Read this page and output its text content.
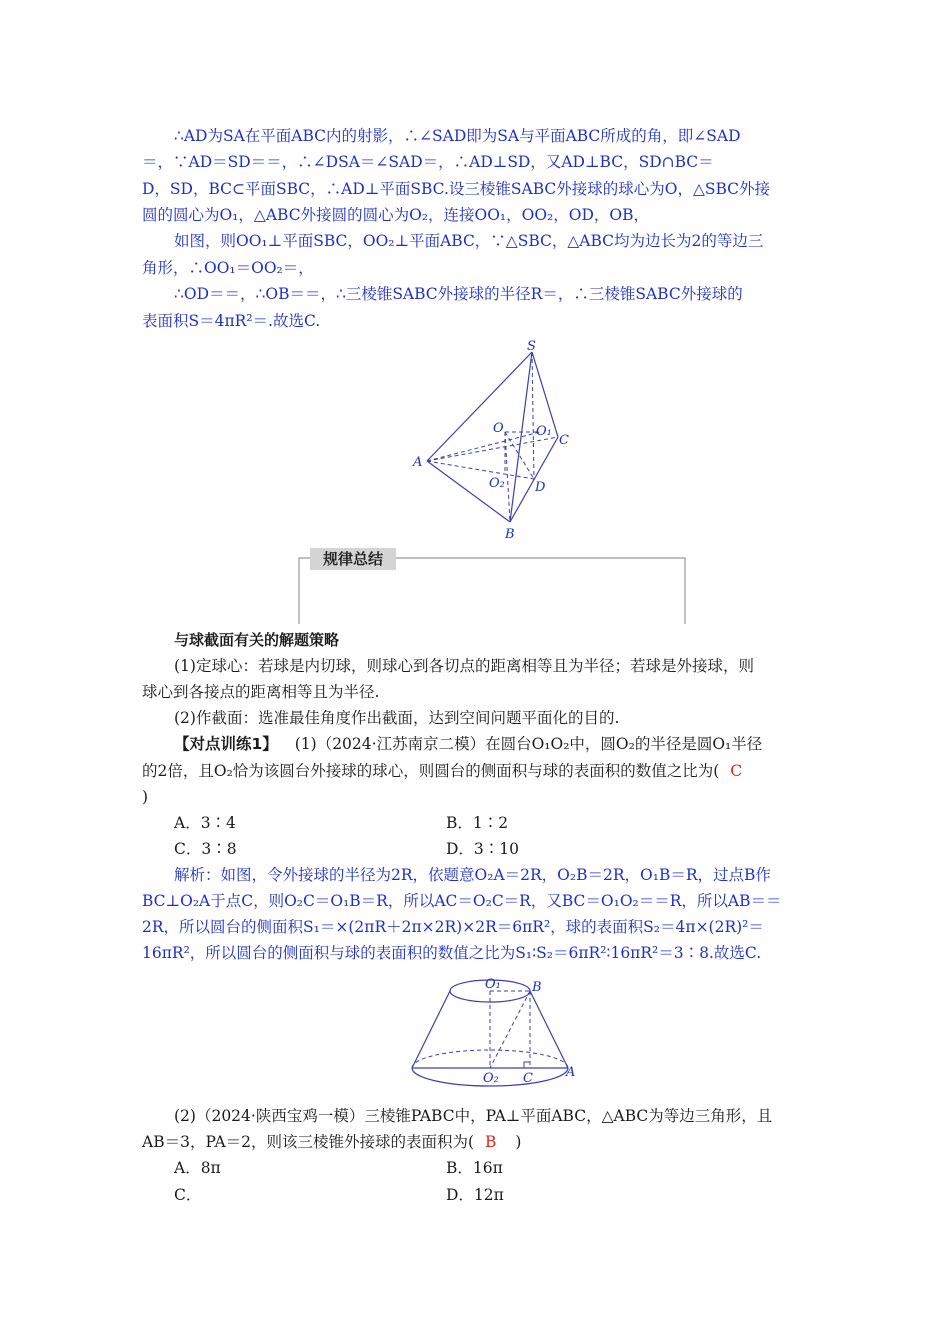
∴AD为SA在平面ABC内的射影，∴∠SAD即为SA与平面ABC所成的角，即∠SAD
＝，∵AD＝SD＝＝，∴∠DSA＝∠SAD＝，∴AD⊥SD，又AD⊥BC，SD∩BC＝
D，SD，BC⊂平面SBC，∴AD⊥平面SBC.设三棱锥SABC外接球的球心为O，△SBC外接
圆的圆心为O₁，△ABC外接圆的圆心为O₂，连接OO₁，OO₂，OD，OB，
如图，则OO₁⊥平面SBC，OO₂⊥平面ABC，∵△SBC，△ABC均为边长为2的等边三
角形，∴OO₁＝OO₂＝，
∴OD＝＝，∴OB＝＝，∴三棱锥SABC外接球的半径R＝，∴三棱锥SABC外接球的
表面积S＝4πR²＝.故选C.
S
O O₁
C
A
O₂ D
B
O₁ B
O₂ C	A
规律总结
与球截面有关的解题策略
(1)定球心：若球是内切球，则球心到各切点的距离相等且为半径；若球是外接球，则
球心到各接点的距离相等且为半径.
(2)作截面：选准最佳角度作出截面，达到空间问题平面化的目的.
【对点训练1】 (1)（2024·江苏南京二模）在圆台O₁O₂中，圆O₂的半径是圆O₁半径
的2倍，且O₂恰为该圆台外接球的球心，则圆台的侧面积与球的表面积的数值之比为( C
)
A．3∶4	B．1∶2
C．3∶8	D．3∶10
解析：如图，令外接球的半径为2R，依题意O₂A＝2R，O₂B＝2R，O₁B＝R，过点B作
BC⊥O₂A于点C，则O₂C＝O₁B＝R，所以AC＝O₂C＝R，又BC＝O₁O₂＝＝R，所以AB＝＝
2R，所以圆台的侧面积S₁＝×(2πR＋2π×2R)×2R＝6πR²，球的表面积S₂＝4π×(2R)²＝
16πR²，所以圆台的侧面积与球的表面积的数值之比为S₁∶S₂＝6πR²∶16πR²＝3∶8.故选C.
(2)（2024·陕西宝鸡一模）三棱锥PABC中，PA⊥平面ABC，△ABC为等边三角形，且
AB＝3，PA＝2，则该三棱锥外接球的表面积为( B )
A．8π	B．16π
C．	D．12π
